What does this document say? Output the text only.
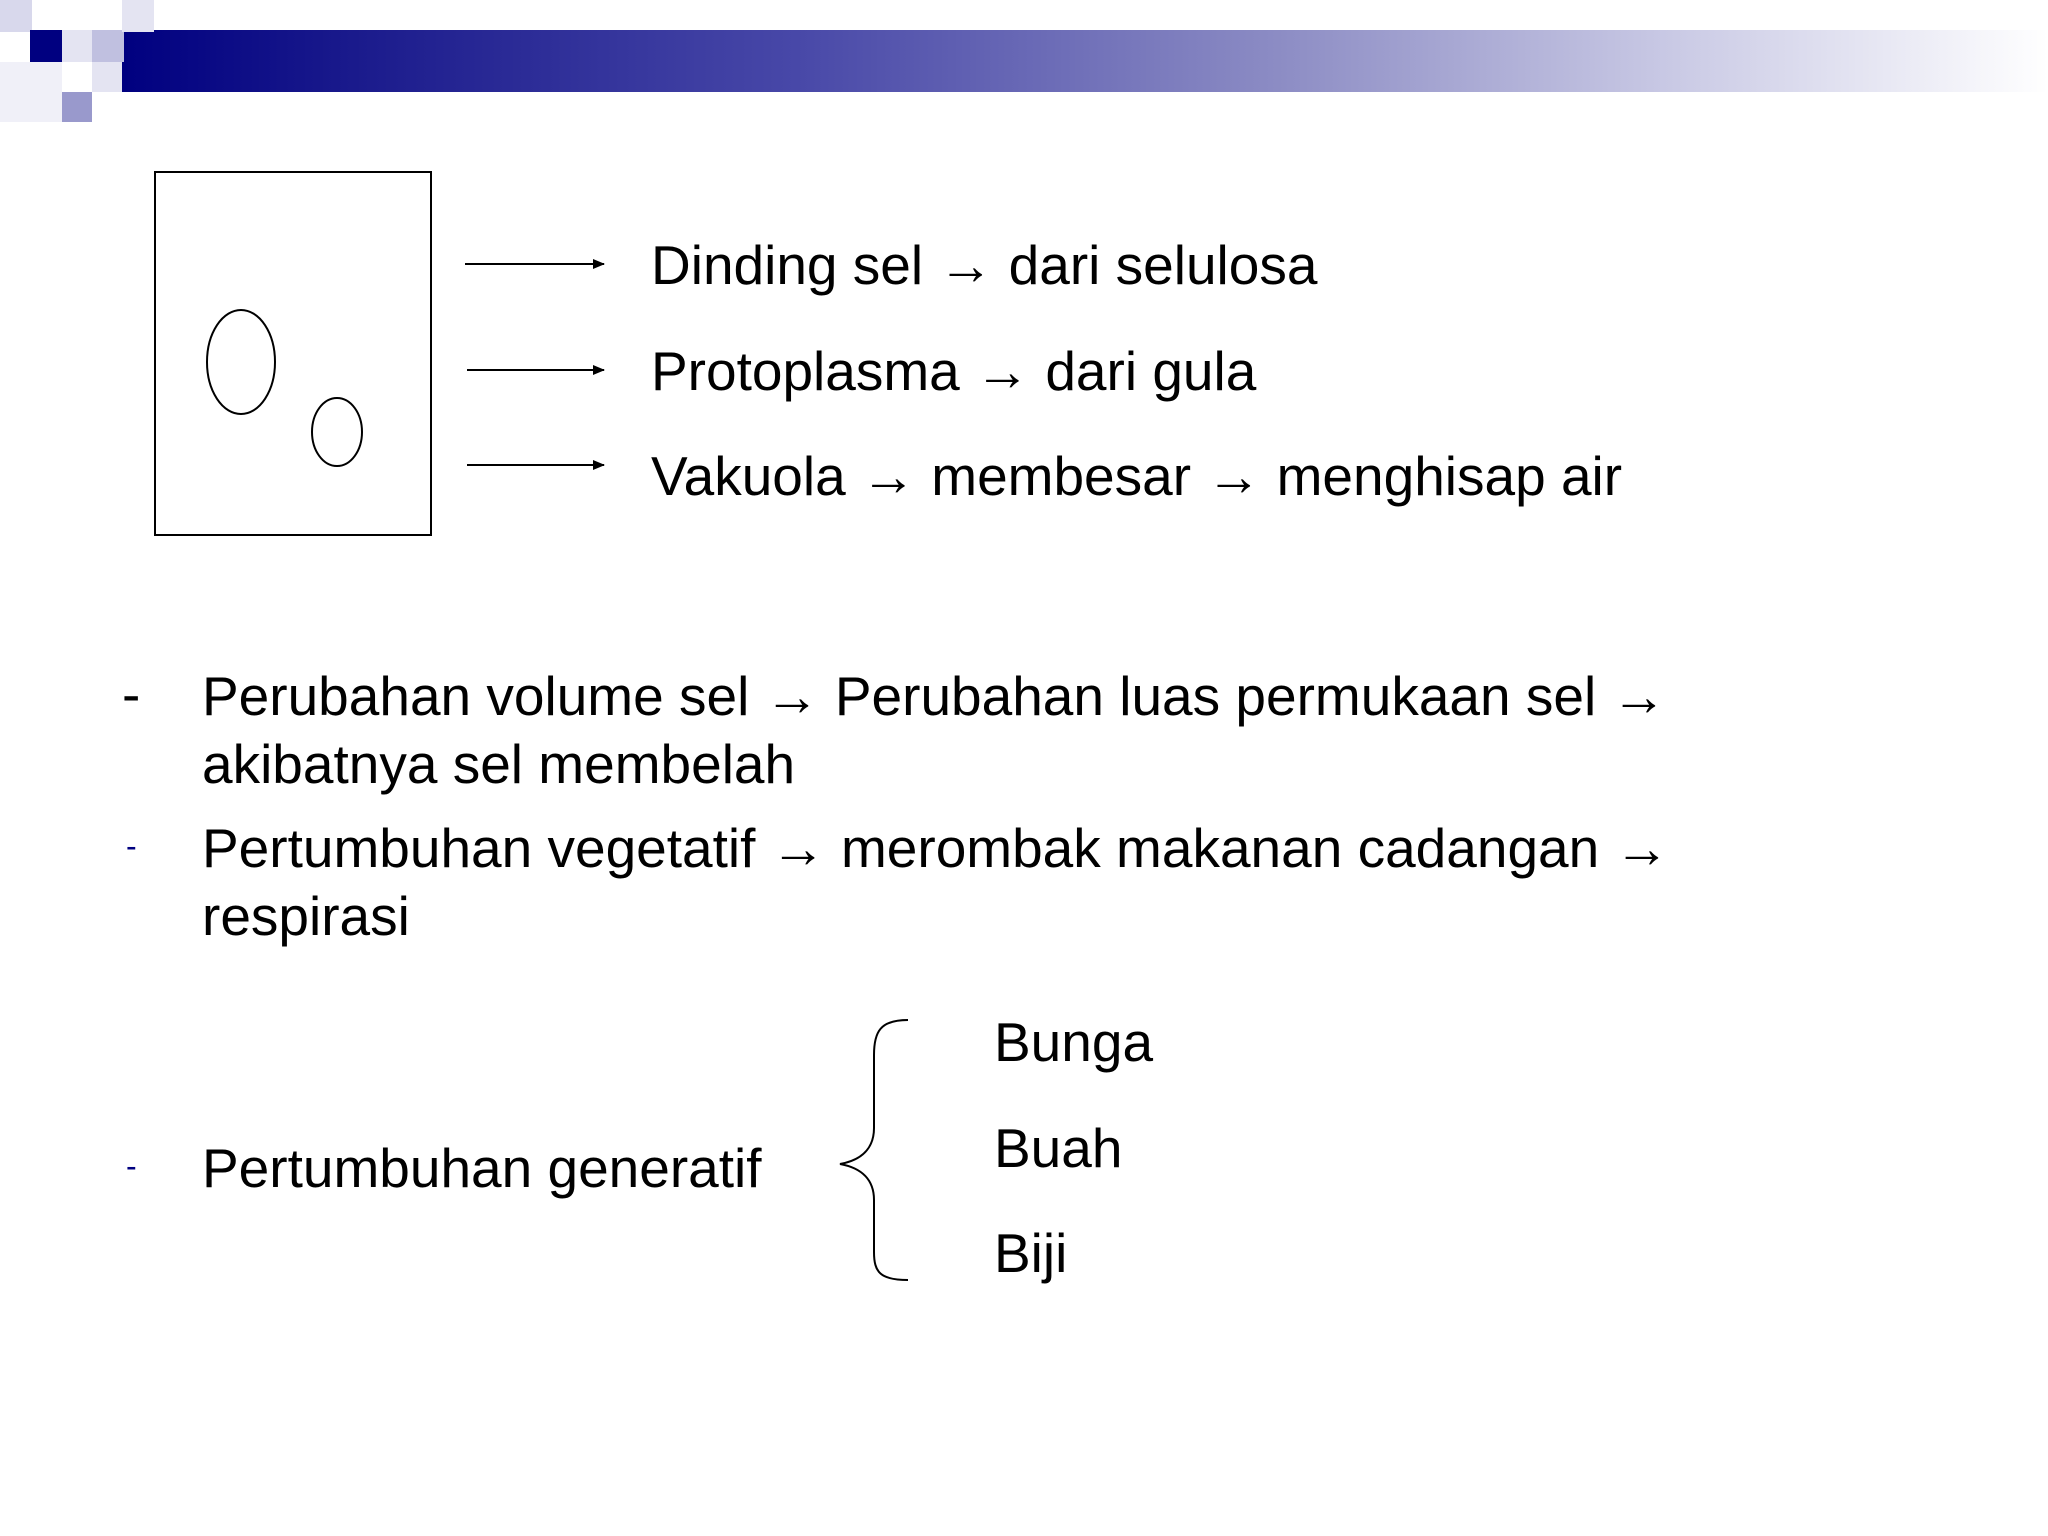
Dinding sel → dari selulosa
Protoplasma → dari gula
Vakuola → membesar → menghisap air
- Perubahan volume sel → Perubahan luas permukaan sel →
akibatnya sel membelah
- Pertumbuhan vegetatif → merombak makanan cadangan →
respirasi
- Pertumbuhan generatif
Bunga
Buah
Biji
